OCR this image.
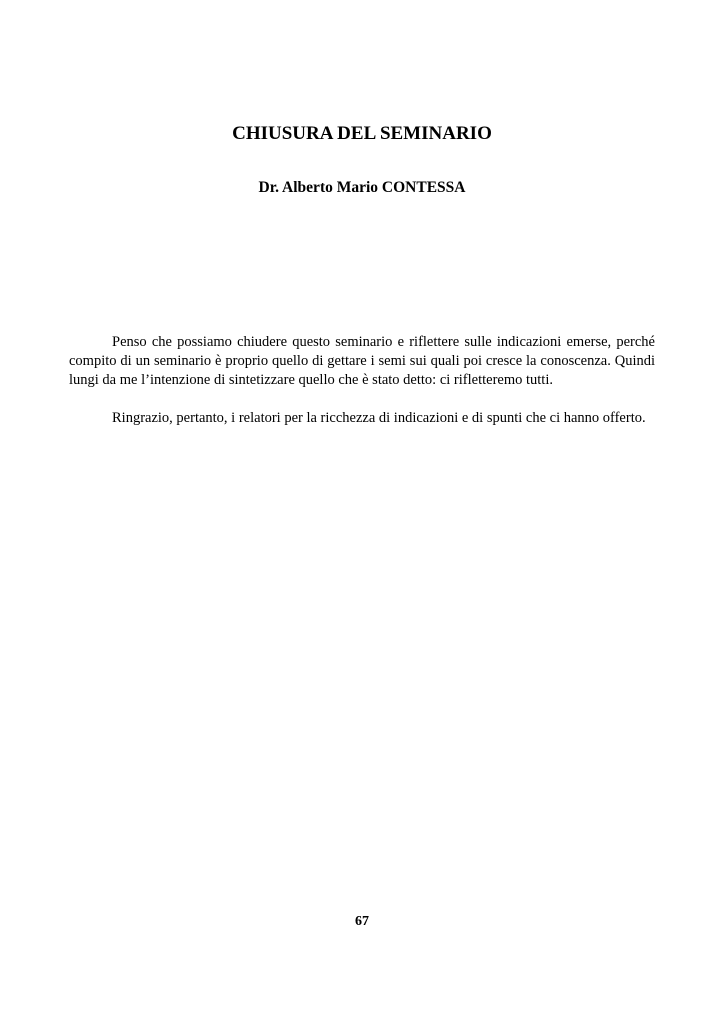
CHIUSURA DEL SEMINARIO
Dr. Alberto Mario CONTESSA

Penso che possiamo chiudere questo seminario e riflettere sulle indicazioni emerse, perché compito di un seminario è proprio quello di gettare i semi sui quali poi cresce la conoscenza. Quindi lungi da me l’intenzione di sintetizzare quello che è stato detto: ci rifletteremo tutti.

Ringrazio, pertanto, i relatori per la ricchezza di indicazioni e di spunti che ci hanno offerto.

67
